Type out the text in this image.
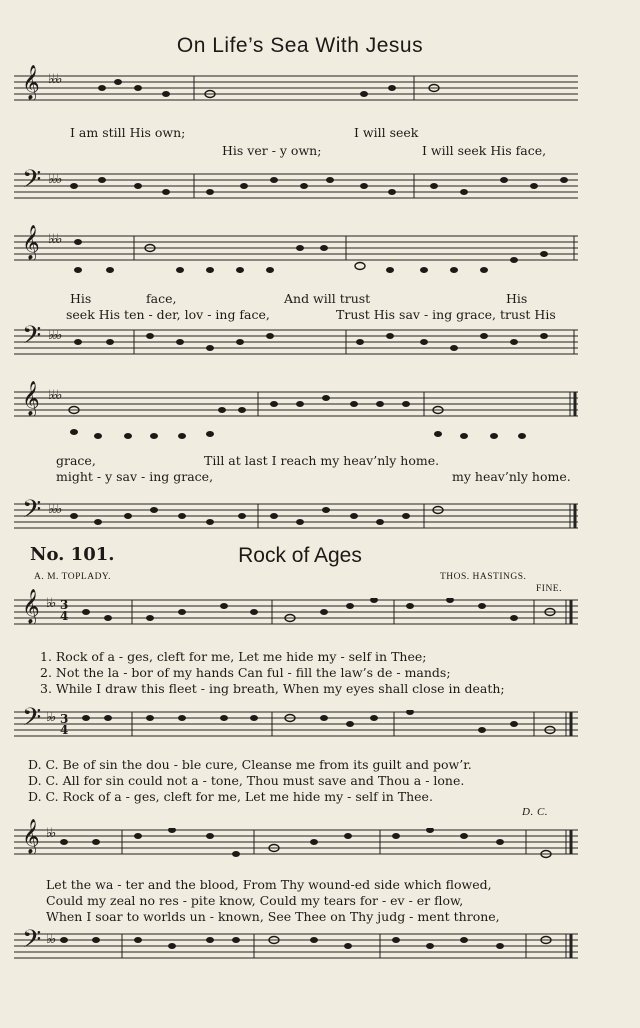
On Life’s Sea With Jesus
𝄞 ♭♭♭
I am still His own;	I will seek
His ver - y own;	I will seek His face,
𝄢 ♭♭♭
𝄞 ♭♭♭
His	face,	And will trust	His
seek His ten - der, lov - ing face,	Trust His sav - ing grace, trust His
𝄢 ♭♭♭
𝄞 ♭♭♭
grace,	Till at last I reach my heav’nly home.
might - y sav - ing grace,	my heav’nly home.
𝄢 ♭♭♭
No. 101.	Rock of Ages
A. M. TOPLADY.	THOS. HASTINGS.
FINE.
𝄞 ♭♭ 3
4
1. Rock of a - ges, cleft for me, Let me hide my - self in Thee;
2. Not the la - bor of my hands Can ful - fill the law’s de - mands;
3. While I draw this fleet - ing breath, When my eyes shall close in death;
𝄢 ♭♭ 3
4
D. C. Be of sin the dou - ble cure, Cleanse me from its guilt and pow’r.
D. C. All for sin could not a - tone, Thou must save and Thou a - lone.
D. C. Rock of a - ges, cleft for me, Let me hide my - self in Thee.
D. C.
𝄞 ♭♭
Let the wa - ter and the blood, From Thy wound-ed side which flowed,
Could my zeal no res - pite know, Could my tears for - ev - er flow,
When I soar to worlds un - known, See Thee on Thy judg - ment throne,
𝄢 ♭♭
